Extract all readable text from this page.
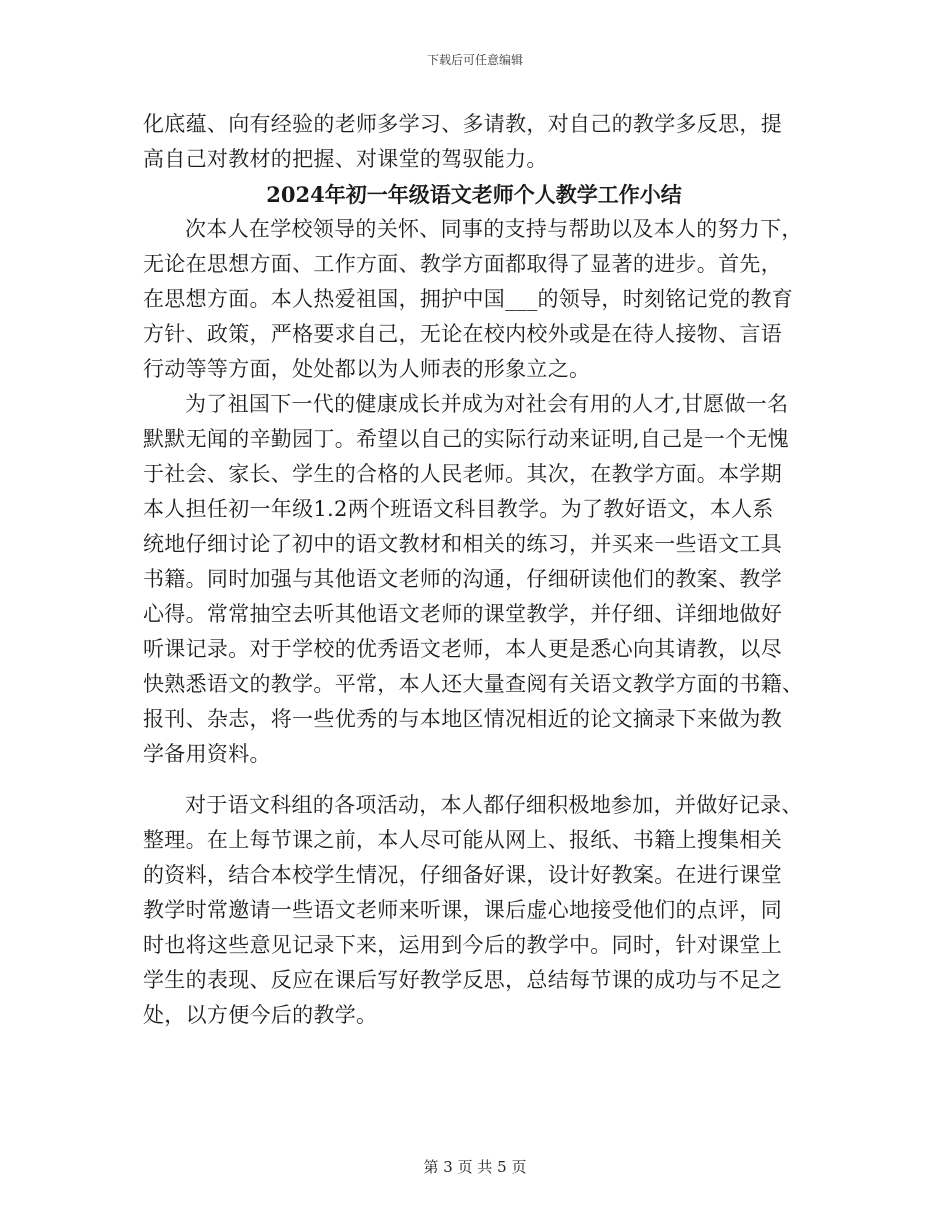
下载后可任意编辑
化底蕴、向有经验的老师多学习、多请教，对自己的教学多反思，提
高自己对教材的把握、对课堂的驾驭能力。
2024年初一年级语文老师个人教学工作小结
次本人在学校领导的关怀、同事的支持与帮助以及本人的努力下，
无论在思想方面、工作方面、教学方面都取得了显著的进步。首先，
在思想方面。本人热爱祖国，拥护中国___的领导，时刻铭记党的教育
方针、政策，严格要求自己，无论在校内校外或是在待人接物、言语
行动等等方面，处处都以为人师表的形象立之。
为了祖国下一代的健康成长并成为对社会有用的人才,甘愿做一名
默默无闻的辛勤园丁。希望以自己的实际行动来证明,自己是一个无愧
于社会、家长、学生的合格的人民老师。其次，在教学方面。本学期
本人担任初一年级1.2两个班语文科目教学。为了教好语文，本人系
统地仔细讨论了初中的语文教材和相关的练习，并买来一些语文工具
书籍。同时加强与其他语文老师的沟通，仔细研读他们的教案、教学
心得。常常抽空去听其他语文老师的课堂教学，并仔细、详细地做好
听课记录。对于学校的优秀语文老师，本人更是悉心向其请教，以尽
快熟悉语文的教学。平常，本人还大量查阅有关语文教学方面的书籍、
报刊、杂志，将一些优秀的与本地区情况相近的论文摘录下来做为教
学备用资料。
对于语文科组的各项活动，本人都仔细积极地参加，并做好记录、
整理。在上每节课之前，本人尽可能从网上、报纸、书籍上搜集相关
的资料，结合本校学生情况，仔细备好课，设计好教案。在进行课堂
教学时常邀请一些语文老师来听课，课后虚心地接受他们的点评，同
时也将这些意见记录下来，运用到今后的教学中。同时，针对课堂上
学生的表现、反应在课后写好教学反思，总结每节课的成功与不足之
处，以方便今后的教学。
第 3 页 共 5 页
